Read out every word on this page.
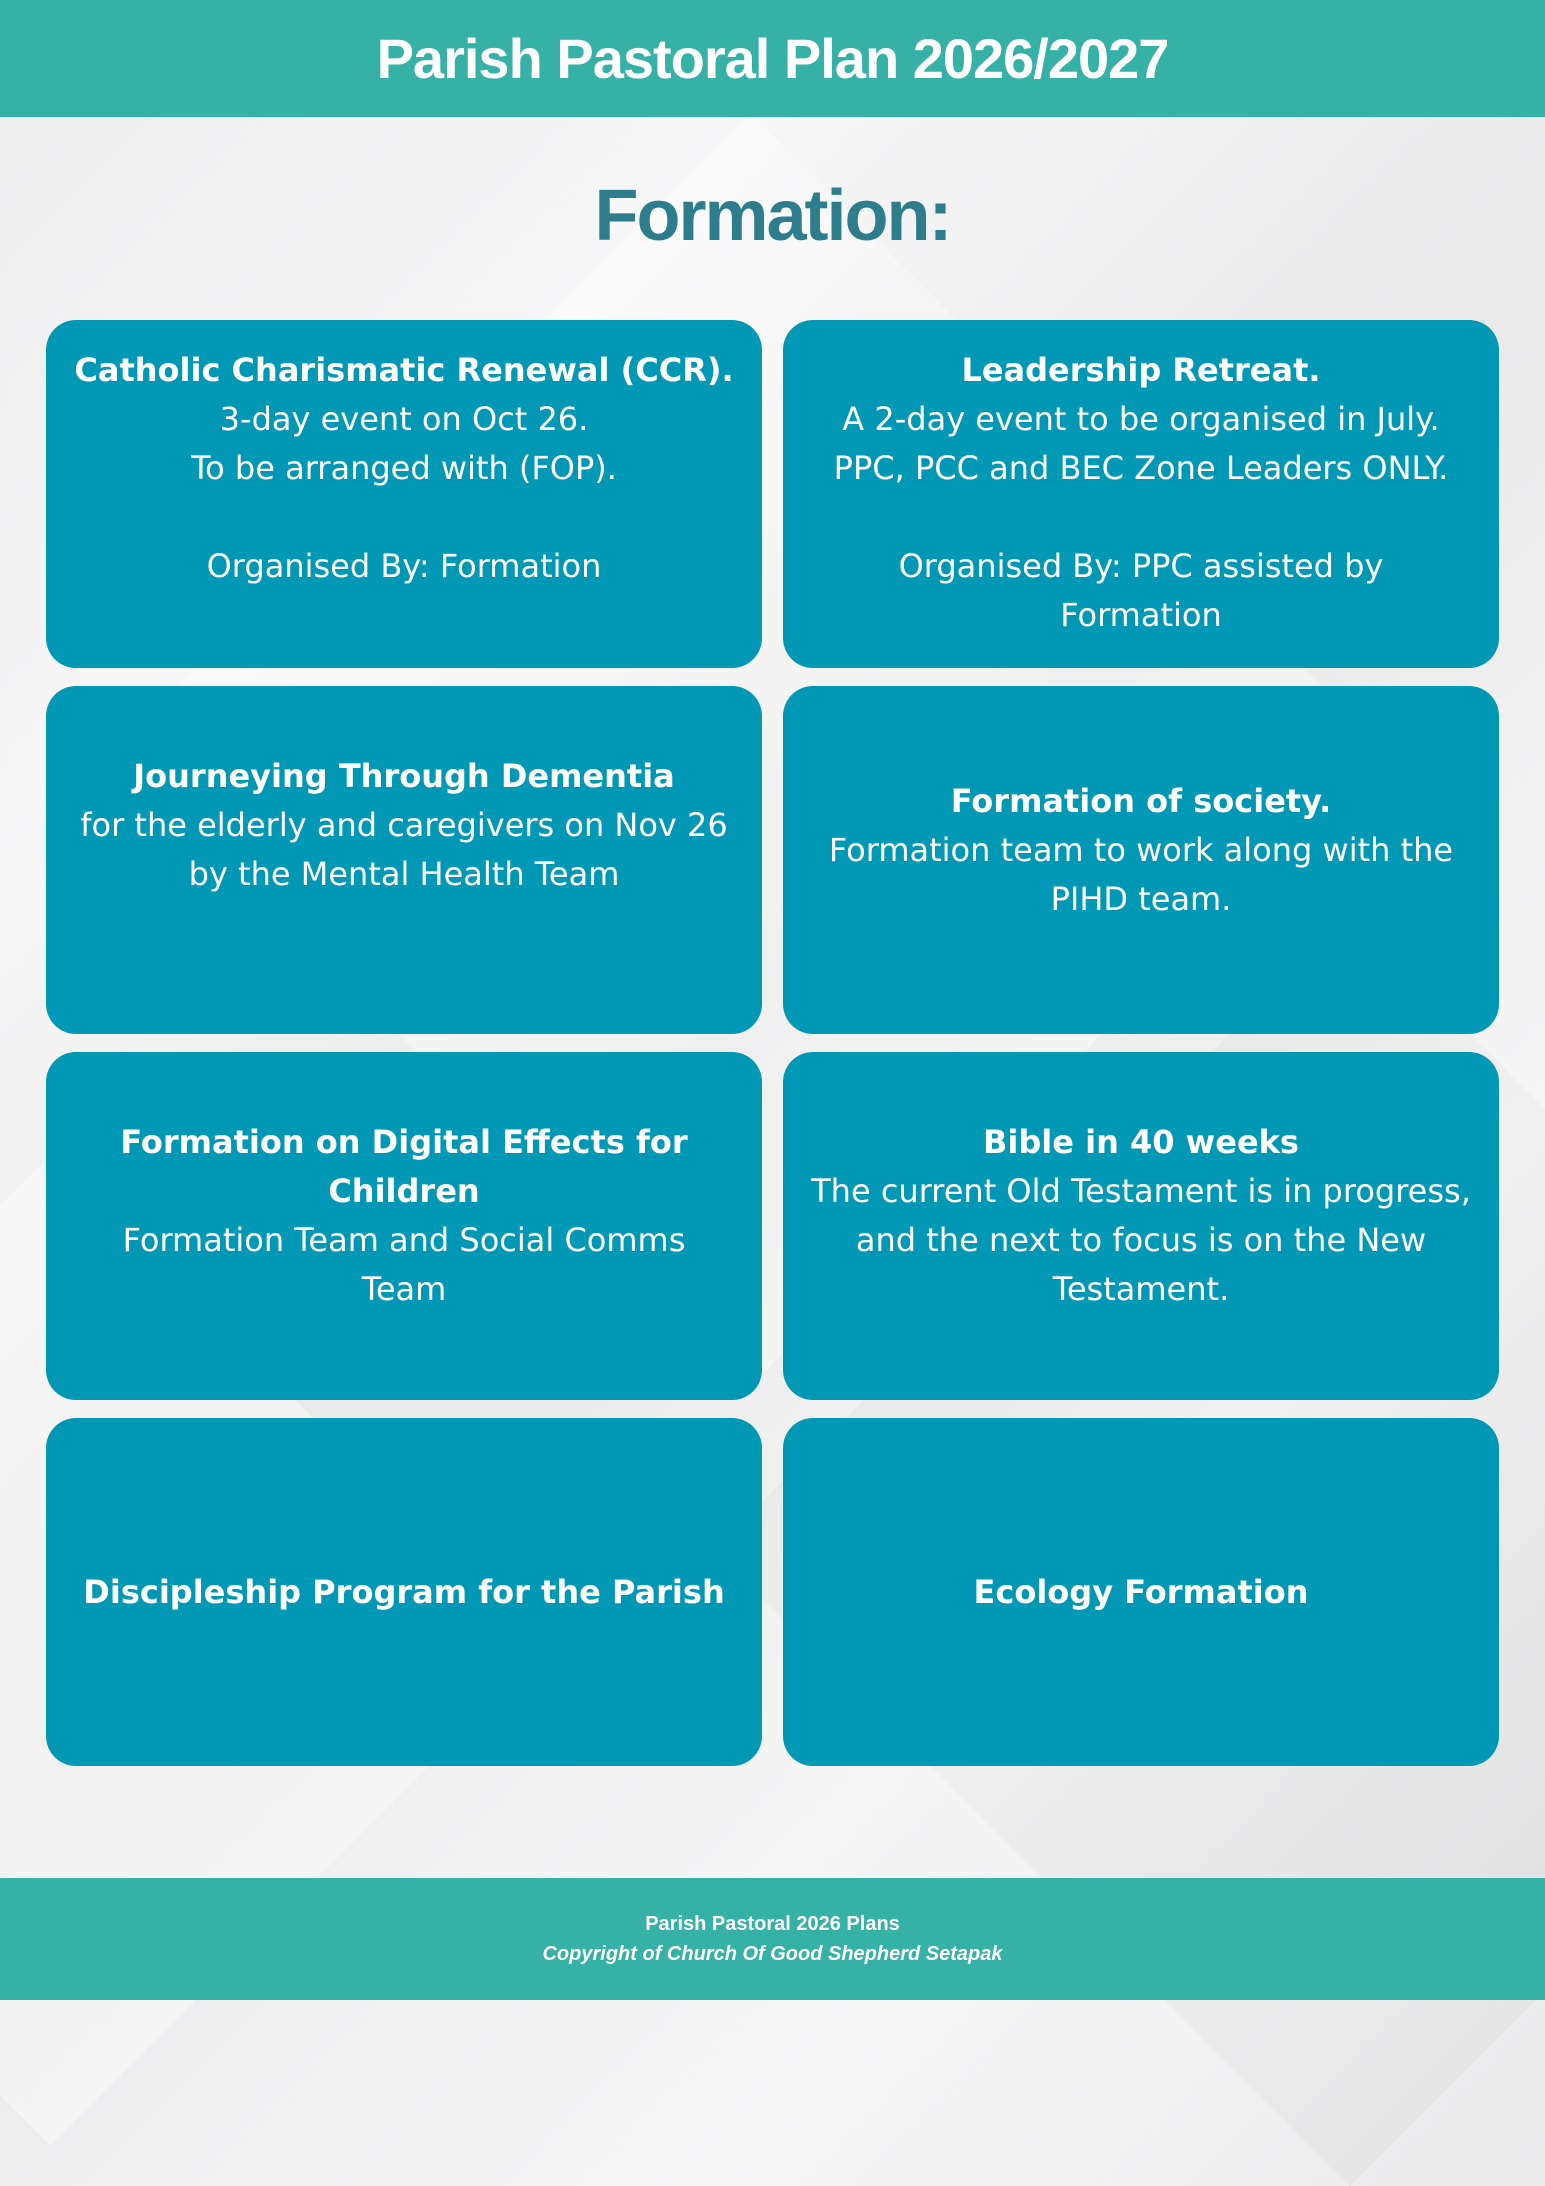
Parish Pastoral Plan 2026/2027
Formation:
Catholic Charismatic Renewal (CCR).
3-day event on Oct 26.
To be arranged with (FOP).

Organised By: Formation
Leadership Retreat.
A 2-day event to be organised in July.
PPC, PCC and BEC Zone Leaders ONLY.

Organised By: PPC assisted by
Formation
Journeying Through Dementia
for the elderly and caregivers on Nov 26
by the Mental Health Team
Formation of society.
Formation team to work along with the
PIHD team.
Formation on Digital Effects for
Children
Formation Team and Social Comms
Team
Bible in 40 weeks
The current Old Testament is in progress,
and the next to focus is on the New
Testament.
Discipleship Program for the Parish	Ecology Formation
Parish Pastoral 2026 Plans
Copyright of Church Of Good Shepherd Setapak
